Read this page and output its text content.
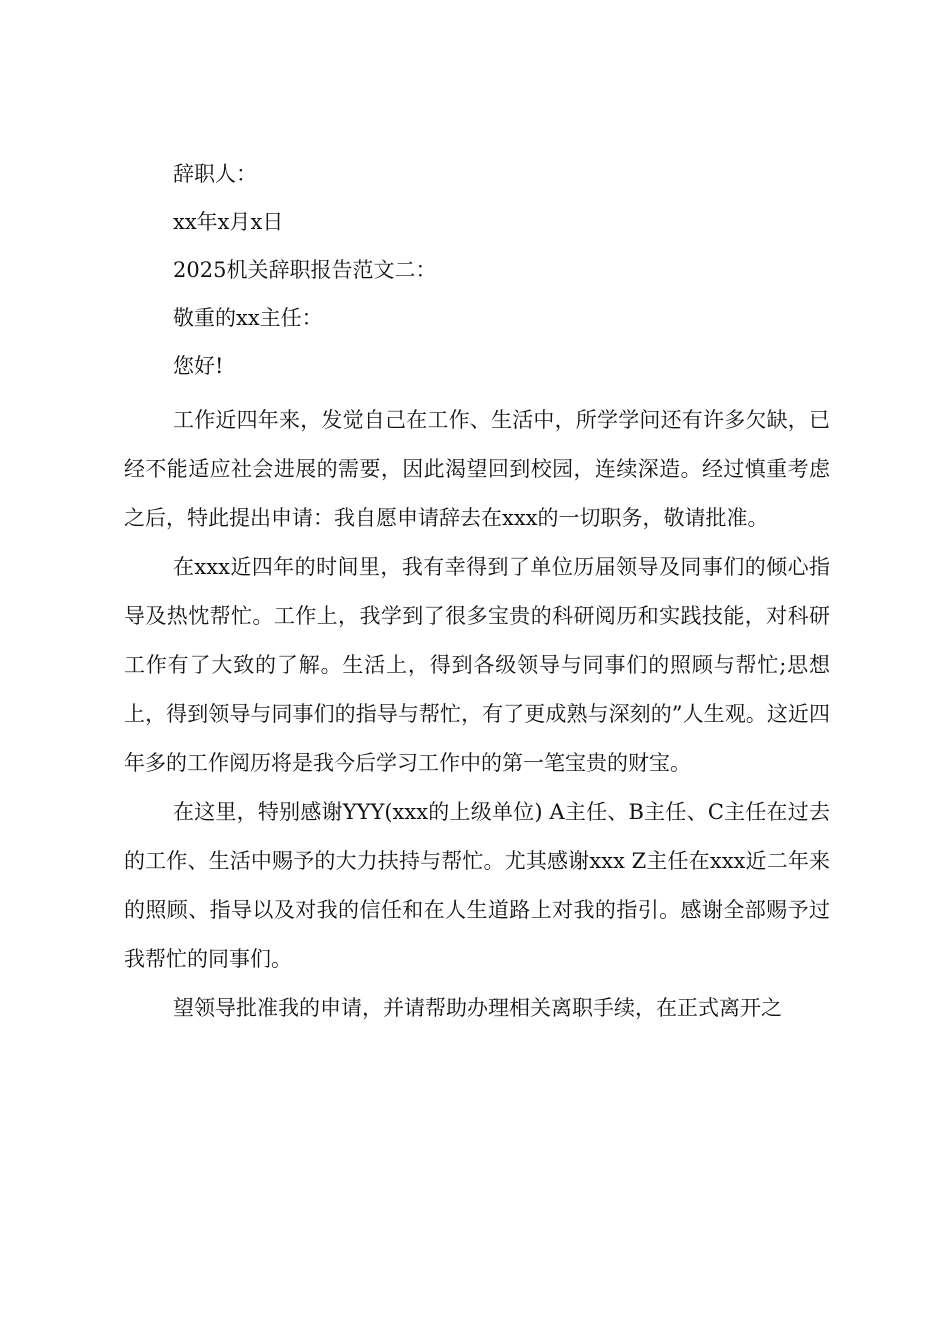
辞职人：

xx年x月x日

2025机关辞职报告范文二：

敬重的xx主任：

您好!

工作近四年来，发觉自己在工作、生活中，所学学问还有许多欠缺，已经不能适应社会进展的需要，因此渴望回到校园，连续深造。经过慎重考虑之后，特此提出申请：我自愿申请辞去在xxx的一切职务，敬请批准。

在xxx近四年的时间里，我有幸得到了单位历届领导及同事们的倾心指导及热忱帮忙。工作上，我学到了很多宝贵的科研阅历和实践技能，对科研工作有了大致的了解。生活上，得到各级领导与同事们的照顾与帮忙;思想上，得到领导与同事们的指导与帮忙，有了更成熟与深刻的”人生观。这近四年多的工作阅历将是我今后学习工作中的第一笔宝贵的财宝。

在这里，特别感谢YYY(xxx的上级单位) A主任、B主任、C主任在过去的工作、生活中赐予的大力扶持与帮忙。尤其感谢xxx Z主任在xxx近二年来的照顾、指导以及对我的信任和在人生道路上对我的指引。感谢全部赐予过我帮忙的同事们。

望领导批准我的申请，并请帮助办理相关离职手续，在正式离开之
